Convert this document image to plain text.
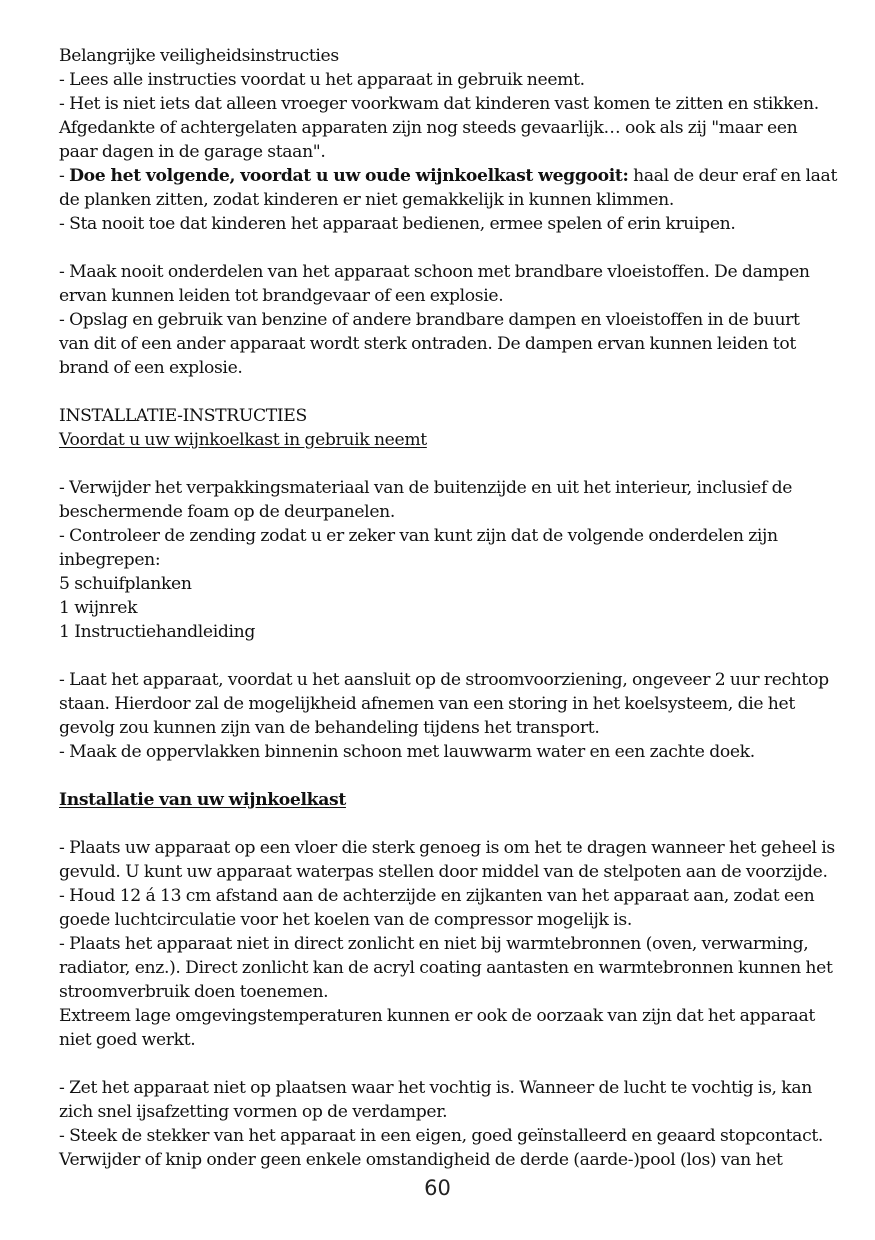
Belangrijke veiligheidsinstructies
- Lees alle instructies voordat u het apparaat in gebruik neemt.
- Het is niet iets dat alleen vroeger voorkwam dat kinderen vast komen te zitten en stikken.
Afgedankte of achtergelaten apparaten zijn nog steeds gevaarlijk… ook als zij "maar een
paar dagen in de garage staan".
- Doe het volgende, voordat u uw oude wijnkoelkast weggooit: haal de deur eraf en laat
de planken zitten, zodat kinderen er niet gemakkelijk in kunnen klimmen.
- Sta nooit toe dat kinderen het apparaat bedienen, ermee spelen of erin kruipen.
- Maak nooit onderdelen van het apparaat schoon met brandbare vloeistoffen. De dampen
ervan kunnen leiden tot brandgevaar of een explosie.
- Opslag en gebruik van benzine of andere brandbare dampen en vloeistoffen in de buurt
van dit of een ander apparaat wordt sterk ontraden. De dampen ervan kunnen leiden tot
brand of een explosie.
INSTALLATIE-INSTRUCTIES
Voordat u uw wijnkoelkast in gebruik neemt
- Verwijder het verpakkingsmateriaal van de buitenzijde en uit het interieur, inclusief de
beschermende foam op de deurpanelen.
- Controleer de zending zodat u er zeker van kunt zijn dat de volgende onderdelen zijn
inbegrepen:
5 schuifplanken
1 wijnrek
1 Instructiehandleiding
- Laat het apparaat, voordat u het aansluit op de stroomvoorziening, ongeveer 2 uur rechtop
staan. Hierdoor zal de mogelijkheid afnemen van een storing in het koelsysteem, die het
gevolg zou kunnen zijn van de behandeling tijdens het transport.
- Maak de oppervlakken binnenin schoon met lauwwarm water en een zachte doek.
Installatie van uw wijnkoelkast
- Plaats uw apparaat op een vloer die sterk genoeg is om het te dragen wanneer het geheel is
gevuld. U kunt uw apparaat waterpas stellen door middel van de stelpoten aan de voorzijde.
- Houd 12 á 13 cm afstand aan de achterzijde en zijkanten van het apparaat aan, zodat een
goede luchtcirculatie voor het koelen van de compressor mogelijk is.
- Plaats het apparaat niet in direct zonlicht en niet bij warmtebronnen (oven, verwarming,
radiator, enz.). Direct zonlicht kan de acryl coating aantasten en warmtebronnen kunnen het
stroomverbruik doen toenemen.
Extreem lage omgevingstemperaturen kunnen er ook de oorzaak van zijn dat het apparaat
niet goed werkt.
- Zet het apparaat niet op plaatsen waar het vochtig is. Wanneer de lucht te vochtig is, kan
zich snel ijsafzetting vormen op de verdamper.
- Steek de stekker van het apparaat in een eigen, goed geïnstalleerd en geaard stopcontact.
Verwijder of knip onder geen enkele omstandigheid de derde (aarde-)pool (los) van het
60
